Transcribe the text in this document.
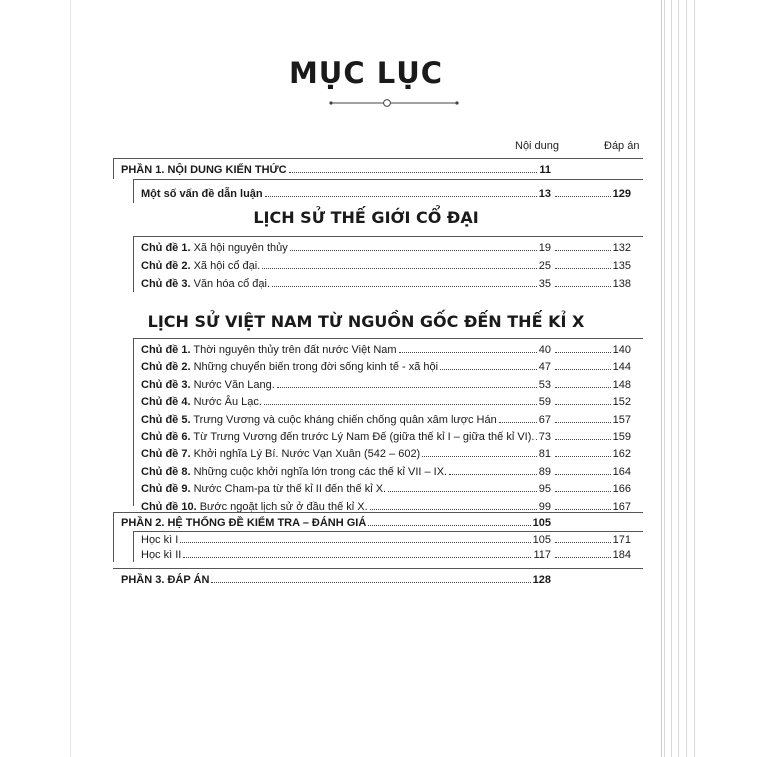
MỤC LỤC
Nội dung	Đáp án
PHẦN 1. NỘI DUNG KIẾN THỨC	11
Một số vấn đề dẫn luận	13	129
LỊCH SỬ THẾ GIỚI CỔ ĐẠI
Chủ đề 1. Xã hội nguyên thủy	19	132
Chủ đề 2. Xã hội cổ đại.	25	135
Chủ đề 3. Văn hóa cổ đại.	35	138
LỊCH SỬ VIỆT NAM TỪ NGUỒN GỐC ĐẾN THẾ KỈ X
Chủ đề 1. Thời nguyên thủy trên đất nước Việt Nam	40	140
Chủ đề 2. Những chuyển biến trong đời sống kinh tế - xã hội	47	144
Chủ đề 3. Nước Văn Lang.	53	148
Chủ đề 4. Nước Âu Lạc.	59	152
Chủ đề 5. Trưng Vương và cuộc kháng chiến chống quân xâm lược Hán	67	157
Chủ đề 6. Từ Trưng Vương đến trước Lý Nam Đế (giữa thế kỉ I – giữa thế kỉ VI). 73	159
Chủ đề 7. Khởi nghĩa Lý Bí. Nước Vạn Xuân (542 – 602)	81	162
Chủ đề 8. Những cuộc khởi nghĩa lớn trong các thế kỉ VII – IX.	89	164
Chủ đề 9. Nước Cham-pa từ thế kỉ II đến thế kỉ X.	95	166
Chủ đề 10. Bước ngoặt lịch sử ở đầu thế kỉ X.	99	167
PHẦN 2. HỆ THỐNG ĐỀ KIỂM TRA – ĐÁNH GIÁ	105
Học kì I	105	171
Học kì II	117	184
PHẦN 3. ĐÁP ÁN	128
